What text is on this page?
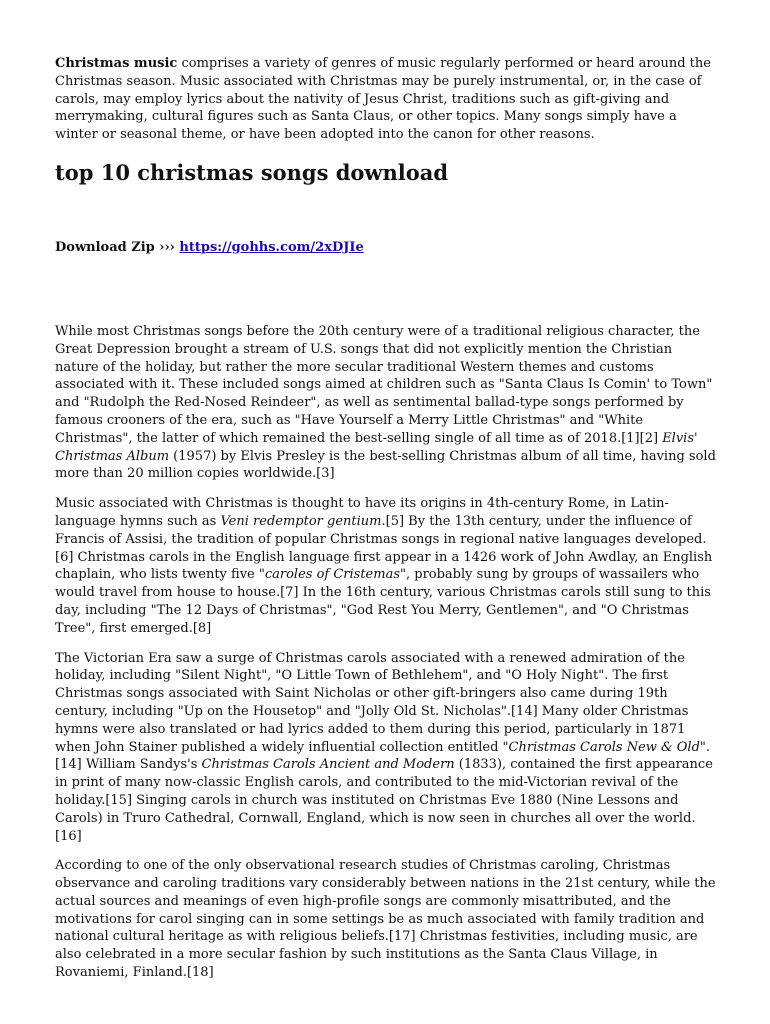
Christmas music comprises a variety of genres of music regularly performed or heard around the Christmas season. Music associated with Christmas may be purely instrumental, or, in the case of carols, may employ lyrics about the nativity of Jesus Christ, traditions such as gift-giving and merrymaking, cultural figures such as Santa Claus, or other topics. Many songs simply have a winter or seasonal theme, or have been adopted into the canon for other reasons.

top 10 christmas songs download

Download Zip ››› https://gohhs.com/2xDJIe

While most Christmas songs before the 20th century were of a traditional religious character, the Great Depression brought a stream of U.S. songs that did not explicitly mention the Christian nature of the holiday, but rather the more secular traditional Western themes and customs associated with it. These included songs aimed at children such as "Santa Claus Is Comin' to Town" and "Rudolph the Red-Nosed Reindeer", as well as sentimental ballad-type songs performed by famous crooners of the era, such as "Have Yourself a Merry Little Christmas" and "White Christmas", the latter of which remained the best-selling single of all time as of 2018.[1][2] Elvis' Christmas Album (1957) by Elvis Presley is the best-selling Christmas album of all time, having sold more than 20 million copies worldwide.[3]

Music associated with Christmas is thought to have its origins in 4th-century Rome, in Latin-language hymns such as Veni redemptor gentium.[5] By the 13th century, under the influence of Francis of Assisi, the tradition of popular Christmas songs in regional native languages developed.[6] Christmas carols in the English language first appear in a 1426 work of John Awdlay, an English chaplain, who lists twenty five "caroles of Cristemas", probably sung by groups of wassailers who would travel from house to house.[7] In the 16th century, various Christmas carols still sung to this day, including "The 12 Days of Christmas", "God Rest You Merry, Gentlemen", and "O Christmas Tree", first emerged.[8]

The Victorian Era saw a surge of Christmas carols associated with a renewed admiration of the holiday, including "Silent Night", "O Little Town of Bethlehem", and "O Holy Night". The first Christmas songs associated with Saint Nicholas or other gift-bringers also came during 19th century, including "Up on the Housetop" and "Jolly Old St. Nicholas".[14] Many older Christmas hymns were also translated or had lyrics added to them during this period, particularly in 1871 when John Stainer published a widely influential collection entitled "Christmas Carols New & Old".[14] William Sandys's Christmas Carols Ancient and Modern (1833), contained the first appearance in print of many now-classic English carols, and contributed to the mid-Victorian revival of the holiday.[15] Singing carols in church was instituted on Christmas Eve 1880 (Nine Lessons and Carols) in Truro Cathedral, Cornwall, England, which is now seen in churches all over the world.[16]

According to one of the only observational research studies of Christmas caroling, Christmas observance and caroling traditions vary considerably between nations in the 21st century, while the actual sources and meanings of even high-profile songs are commonly misattributed, and the motivations for carol singing can in some settings be as much associated with family tradition and national cultural heritage as with religious beliefs.[17] Christmas festivities, including music, are also celebrated in a more secular fashion by such institutions as the Santa Claus Village, in Rovaniemi, Finland.[18]
